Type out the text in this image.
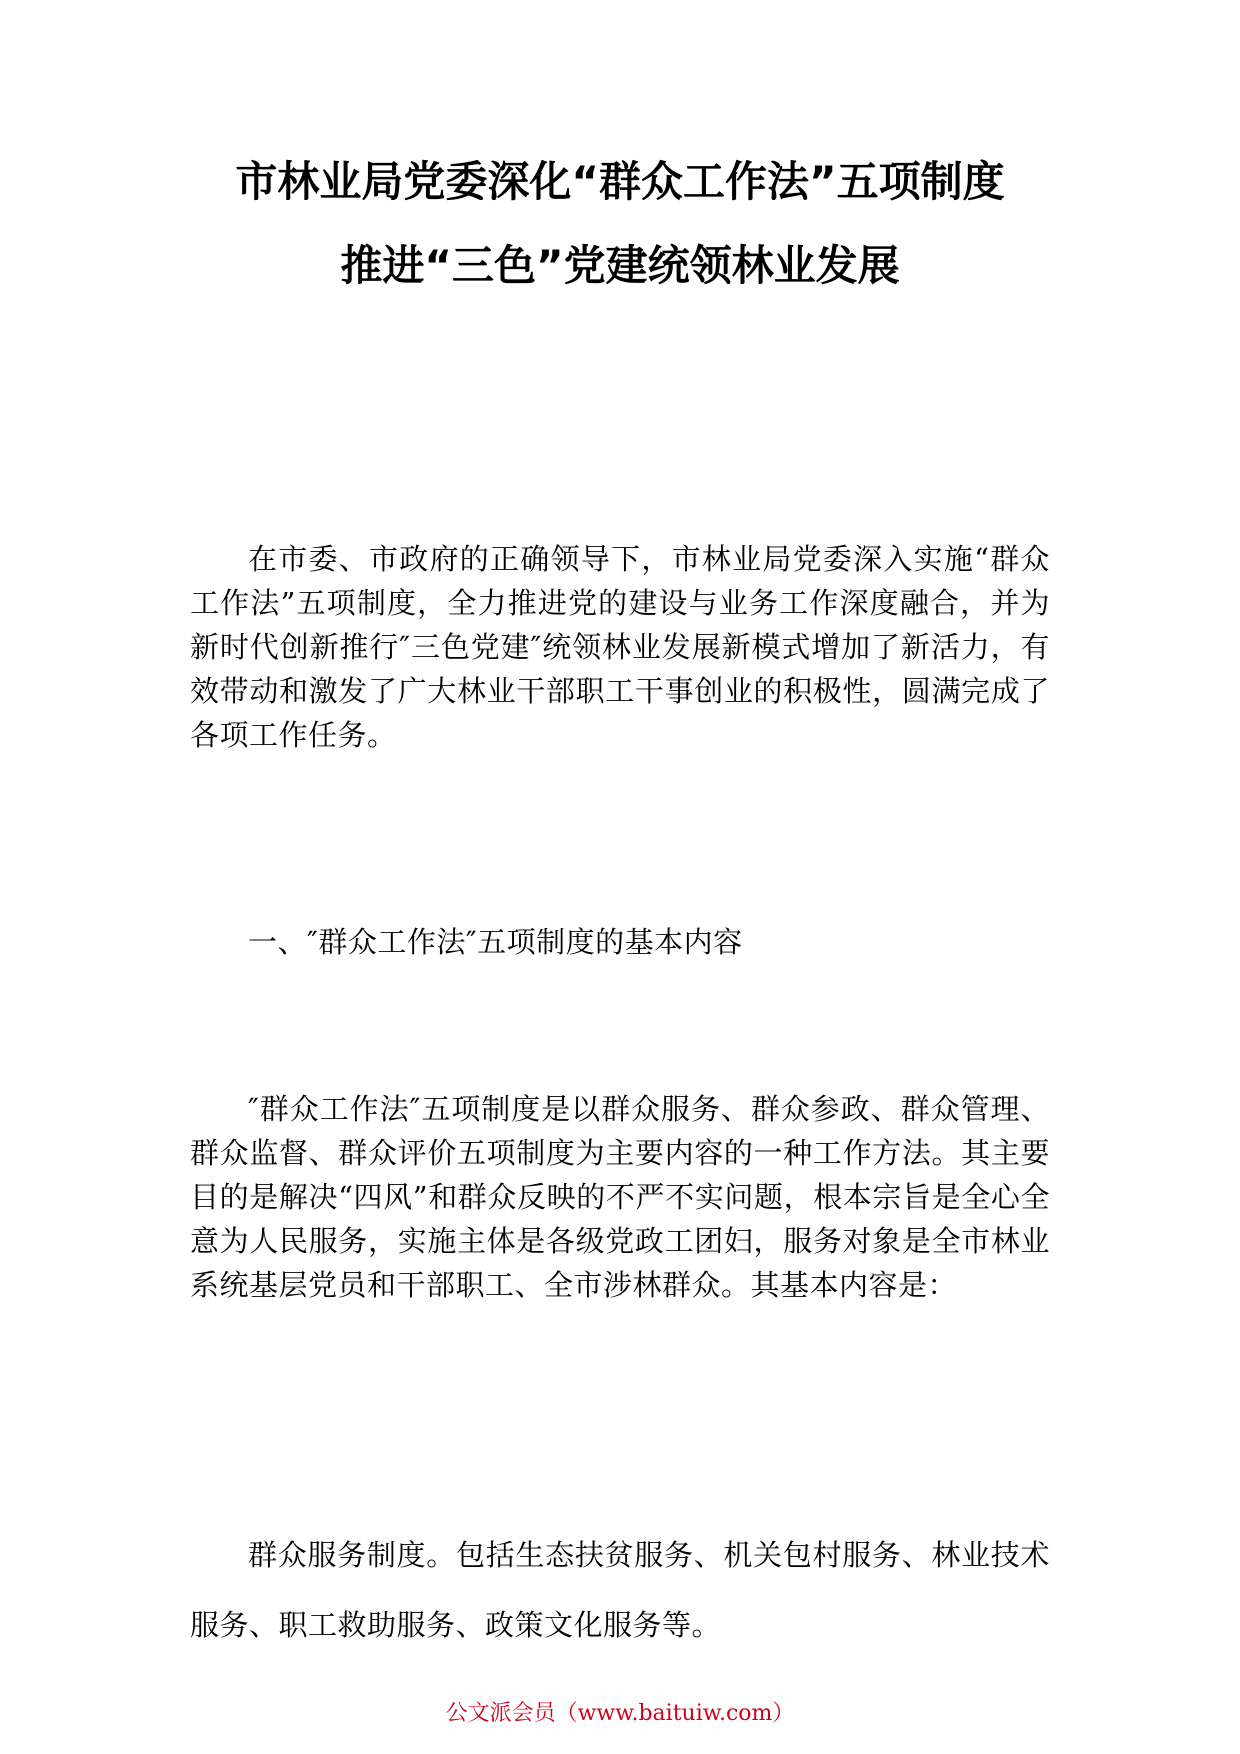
市林业局党委深化“群众工作法”五项制度
推进“三色”党建统领林业发展

在市委、市政府的正确领导下，市林业局党委深入实施“群众工作法”五项制度，全力推进党的建设与业务工作深度融合，并为新时代创新推行″三色党建″统领林业发展新模式增加了新活力，有效带动和激发了广大林业干部职工干事创业的积极性，圆满完成了各项工作任务。

一、″群众工作法″五项制度的基本内容

″群众工作法″五项制度是以群众服务、群众参政、群众管理、群众监督、群众评价五项制度为主要内容的一种工作方法。其主要目的是解决“四风”和群众反映的不严不实问题，根本宗旨是全心全意为人民服务，实施主体是各级党政工团妇，服务对象是全市林业系统基层党员和干部职工、全市涉林群众。其基本内容是：

群众服务制度。包括生态扶贫服务、机关包村服务、林业技术服务、职工救助服务、政策文化服务等。

公文派会员（www.baituiw.com）
